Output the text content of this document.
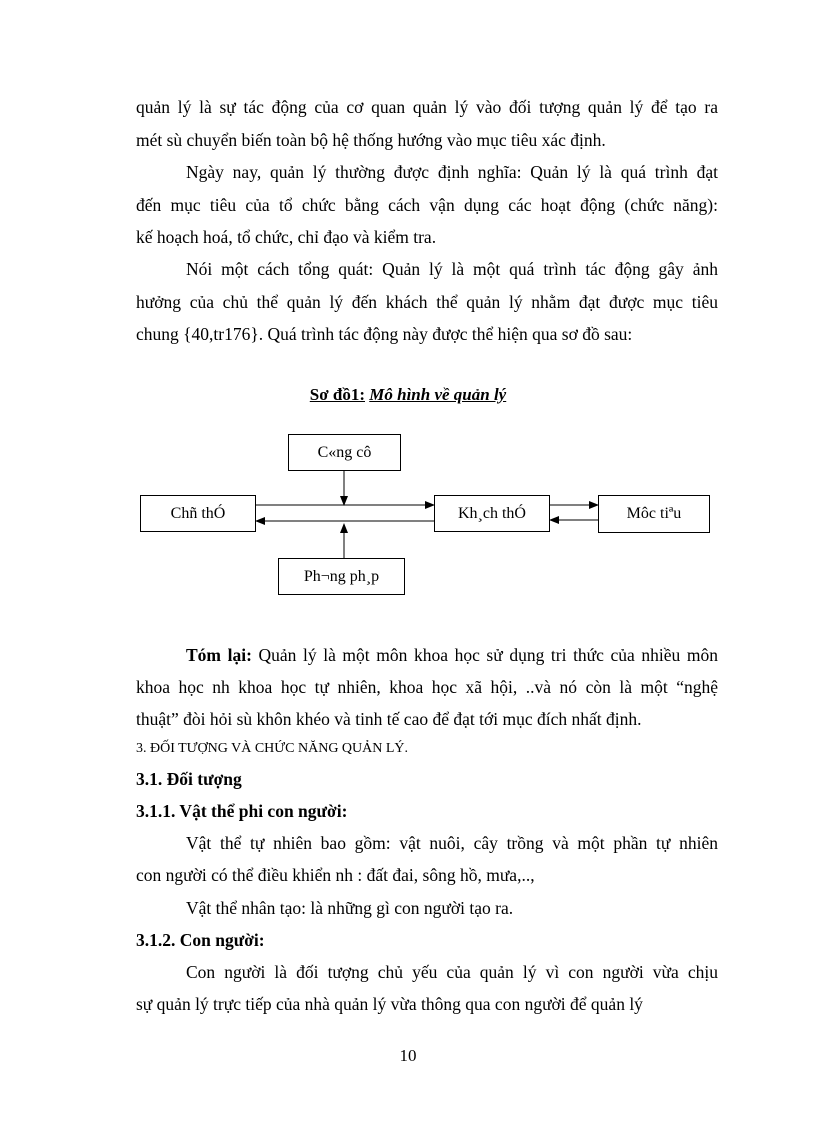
quản lý là sự tác động của cơ quan quản lý vào đối tượng quản lý để tạo ra
mét sù chuyển biến toàn bộ hệ thống hướng vào mục tiêu xác định.
Ngày nay, quản lý thường được định nghĩa: Quản lý là quá trình đạt
đến mục tiêu của tổ chức bằng cách vận dụng các hoạt động (chức năng):
kế hoạch hoá, tổ chức, chỉ đạo và kiểm tra.
Nói một cách tổng quát: Quản lý là một quá trình tác động gây ảnh
hưởng của chủ thể quản lý đến khách thể quản lý nhằm đạt được mục tiêu
chung {40,tr176}. Quá trình tác động này được thể hiện qua sơ đồ sau:
Sơ đồ1: Mô hình về quản lý
C«ng cô
Chñ thÓ	Kh¸ch thÓ	Môc tiªu
Ph¬ng ph¸p
Tóm lại: Quản lý là một môn khoa học sử dụng tri thức của nhiều môn
khoa học nh khoa học tự nhiên, khoa học xã hội, ..và nó còn là một “nghệ
thuật” đòi hỏi sù khôn khéo và tinh tế cao để đạt tới mục đích nhất định.
3. ĐỐI TƯỢNG VÀ CHỨC NĂNG QUẢN LÝ.
3.1. Đối tượng
3.1.1. Vật thể phi con người:
Vật thể tự nhiên bao gồm: vật nuôi, cây trồng và một phần tự nhiên
con người có thể điều khiển nh : đất đai, sông hồ, mưa,..,
Vật thể nhân tạo: là những gì con người tạo ra.
3.1.2. Con người:
Con người là đối tượng chủ yếu của quản lý vì con người vừa chịu
sự quản lý trực tiếp của nhà quản lý vừa thông qua con người để quản lý
10
